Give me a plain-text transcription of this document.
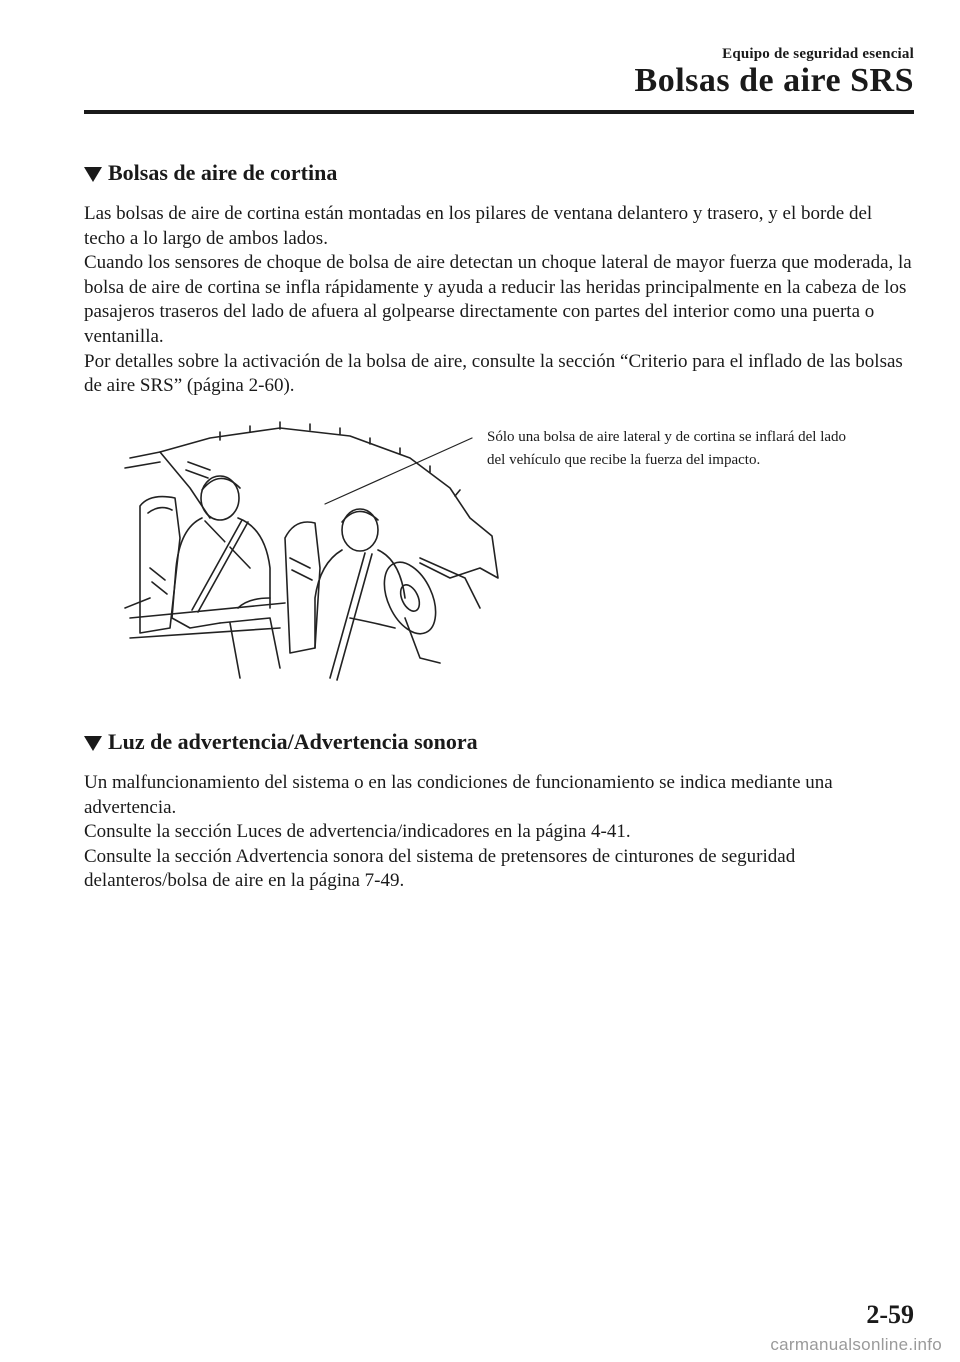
Equipo de seguridad esencial
Bolsas de aire SRS
Bolsas de aire de cortina

Las bolsas de aire de cortina están montadas en los pilares de ventana delantero y trasero, y el borde del techo a lo largo de ambos lados.

Cuando los sensores de choque de bolsa de aire detectan un choque lateral de mayor fuerza que moderada, la bolsa de aire de cortina se infla rápidamente y ayuda a reducir las heridas principalmente en la cabeza de los pasajeros traseros del lado de afuera al golpearse directamente con partes del interior como una puerta o ventanilla.

Por detalles sobre la activación de la bolsa de aire, consulte la sección “Criterio para el inflado de las bolsas de aire SRS” (página 2-60).

Sólo una bolsa de aire lateral y de cortina se inflará del lado del vehículo que recibe la fuerza del impacto.
Luz de advertencia/Advertencia sonora

Un malfuncionamiento del sistema o en las condiciones de funcionamiento se indica mediante una advertencia.

Consulte la sección Luces de advertencia/indicadores en la página 4-41.

Consulte la sección Advertencia sonora del sistema de pretensores de cinturones de seguridad delanteros/bolsa de aire en la página 7-49.

2-59
carmanualsonline.info
